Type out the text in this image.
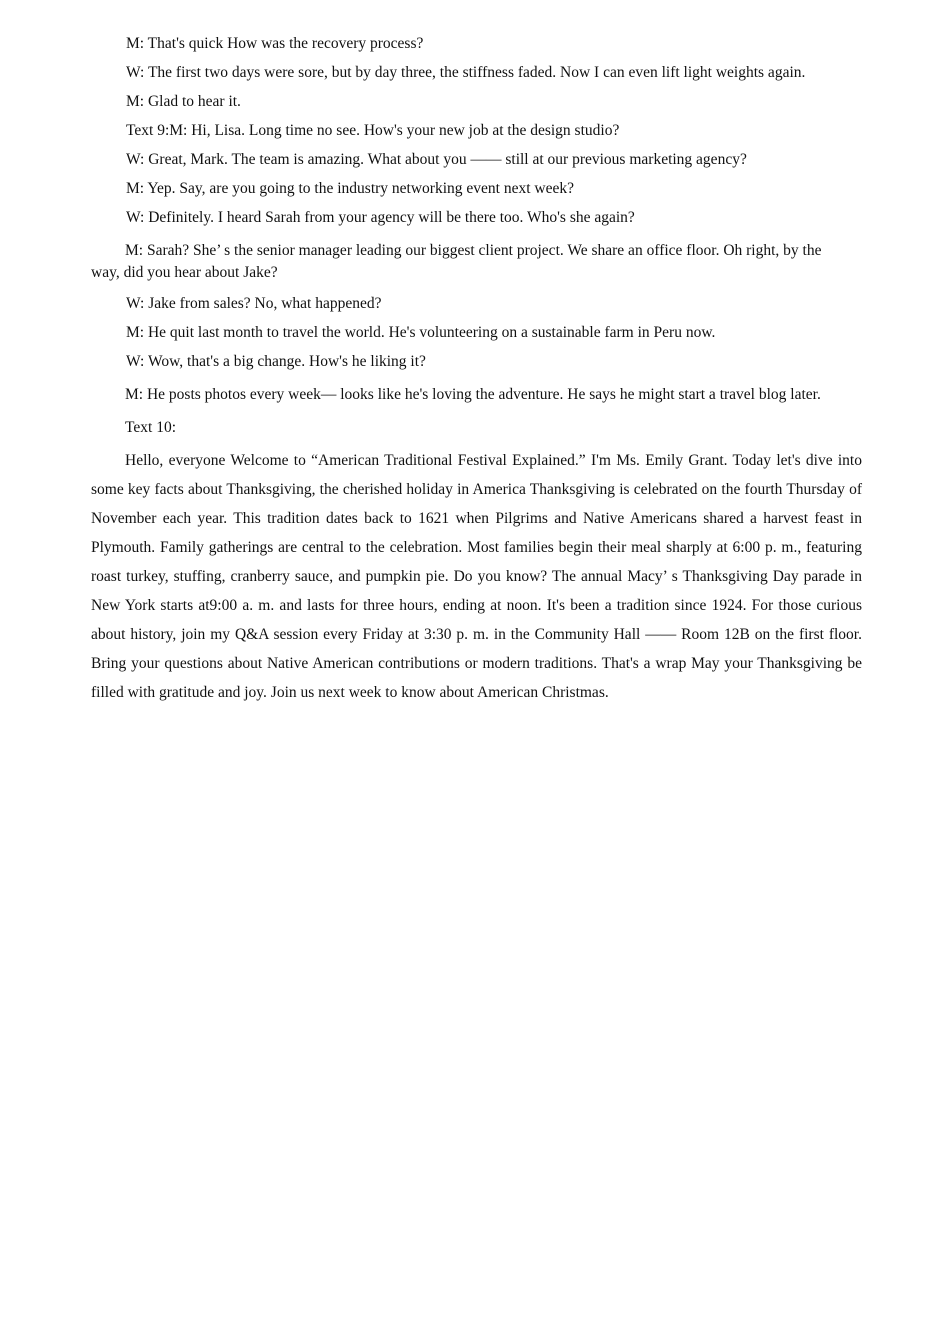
M: That's quick How was the recovery process?

W: The first two days were sore, but by day three, the stiffness faded. Now I can even lift light weights again.

M: Glad to hear it.

Text 9:M: Hi, Lisa. Long time no see. How's your new job at the design studio?

W: Great, Mark. The team is amazing. What about you —— still at our previous marketing agency?

M: Yep. Say, are you going to the industry networking event next week?

W: Definitely. I heard Sarah from your agency will be there too. Who's she again?

M: Sarah? She’ s the senior manager leading our biggest client project. We share an office floor. Oh right, by the way, did you hear about Jake?

W: Jake from sales? No, what happened?

M: He quit last month to travel the world. He's volunteering on a sustainable farm in Peru now.

W: Wow, that's a big change. How's he liking it?

M: He posts photos every week— looks like he's loving the adventure. He says he might start a travel blog later.

Text 10:

Hello, everyone Welcome to “American Traditional Festival Explained.” I'm Ms. Emily Grant. Today let's dive into some key facts about Thanksgiving, the cherished holiday in America Thanksgiving is celebrated on the fourth Thursday of November each year. This tradition dates back to 1621 when Pilgrims and Native Americans shared a harvest feast in Plymouth. Family gatherings are central to the celebration. Most families begin their meal sharply at 6:00 p. m., featuring roast turkey, stuffing, cranberry sauce, and pumpkin pie. Do you know? The annual Macy’ s Thanksgiving Day parade in New York starts at9:00 a. m. and lasts for three hours, ending at noon. It's been a tradition since 1924. For those curious about history, join my Q&A session every Friday at 3:30 p. m. in the Community Hall —— Room 12B on the first floor. Bring your questions about Native American contributions or modern traditions. That's a wrap May your Thanksgiving be filled with gratitude and joy. Join us next week to know about American Christmas.
